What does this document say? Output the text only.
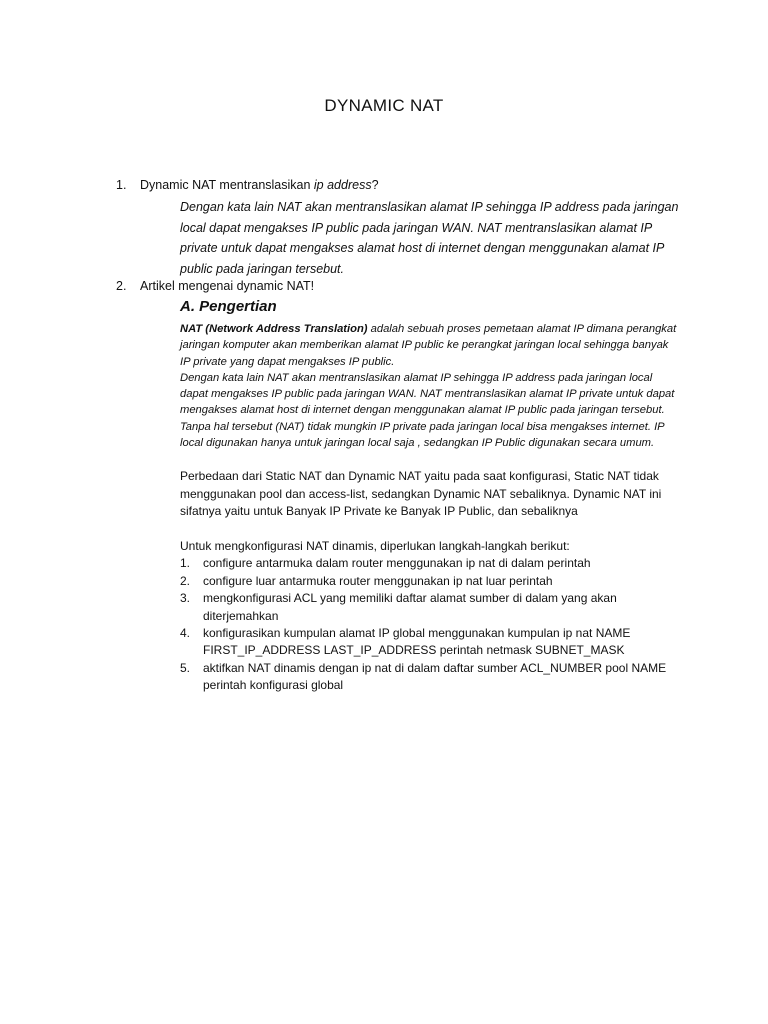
DYNAMIC NAT
1.	Dynamic NAT mentranslasikan ip address?
Dengan kata lain NAT akan mentranslasikan alamat IP sehingga IP address pada jaringan local dapat mengakses IP public pada jaringan WAN. NAT mentranslasikan alamat IP private untuk dapat mengakses alamat host di internet dengan menggunakan alamat IP public pada jaringan tersebut.
2.	Artikel mengenai dynamic NAT!
A. Pengertian
NAT (Network Address Translation) adalah sebuah proses pemetaan alamat IP dimana perangkat jaringan komputer akan memberikan alamat IP public ke perangkat jaringan local sehingga banyak IP private yang dapat mengakses IP public.
Dengan kata lain NAT akan mentranslasikan alamat IP sehingga IP address pada jaringan local dapat mengakses IP public pada jaringan WAN. NAT mentranslasikan alamat IP private untuk dapat mengakses alamat host di internet dengan menggunakan alamat IP public pada jaringan tersebut. Tanpa hal tersebut (NAT) tidak mungkin IP private pada jaringan local bisa mengakses internet. IP local digunakan hanya untuk jaringan local saja , sedangkan IP Public digunakan secara umum.
Perbedaan dari Static NAT dan Dynamic NAT yaitu pada saat konfigurasi, Static NAT tidak menggunakan pool dan access-list, sedangkan Dynamic NAT sebaliknya. Dynamic NAT ini sifatnya yaitu untuk Banyak IP Private ke Banyak IP Public, dan sebaliknya

Untuk mengkonfigurasi NAT dinamis, diperlukan langkah-langkah berikut:

1. configure antarmuka dalam router menggunakan ip nat di dalam perintah
2. configure luar antarmuka router menggunakan ip nat luar perintah
3. mengkonfigurasi ACL yang memiliki daftar alamat sumber di dalam yang akan diterjemahkan
4. konfigurasikan kumpulan alamat IP global menggunakan kumpulan ip nat NAME FIRST_IP_ADDRESS LAST_IP_ADDRESS perintah netmask SUBNET_MASK
5. aktifkan NAT dinamis dengan ip nat di dalam daftar sumber ACL_NUMBER pool NAME perintah konfigurasi global
